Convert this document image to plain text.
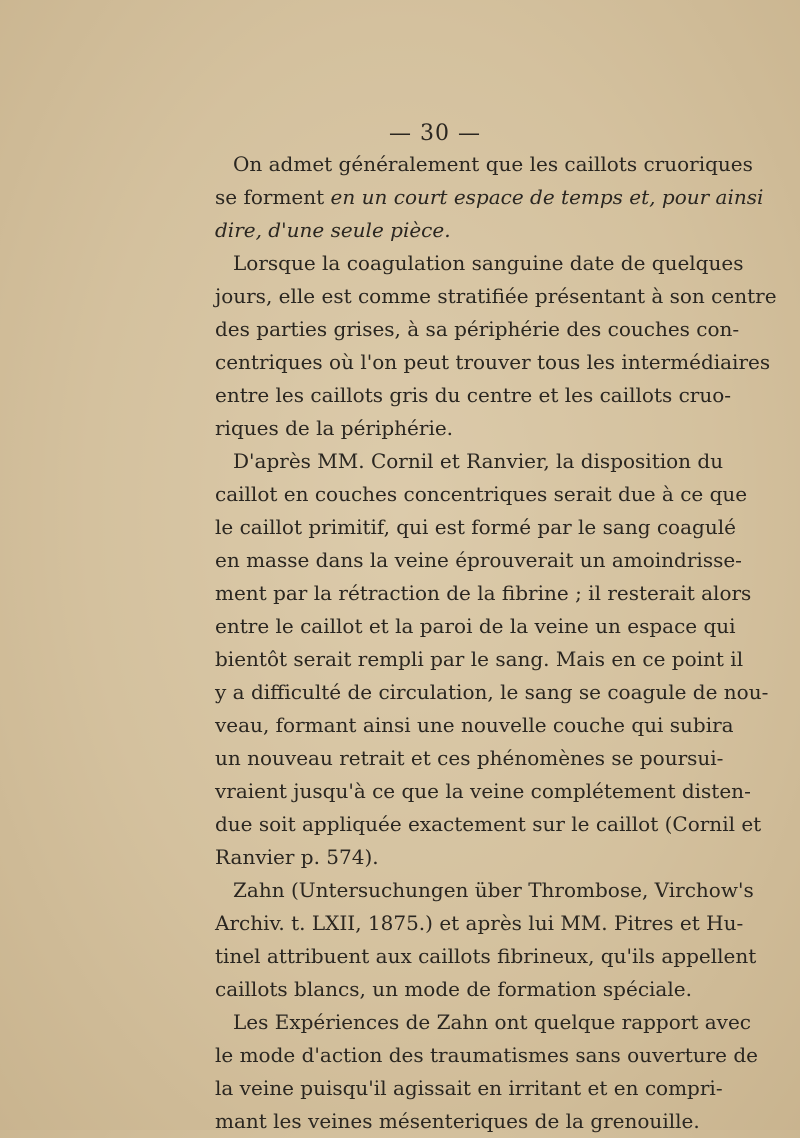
— 30 —
On admet généralement que les caillots cruoriques
se forment en un court espace de temps et, pour ainsi
dire, d'une seule pièce.
Lorsque la coagulation sanguine date de quelques
jours, elle est comme stratifiée présentant à son centre
des parties grises, à sa périphérie des couches con-
centriques où l'on peut trouver tous les intermédiaires
entre les caillots gris du centre et les caillots cruo-
riques de la périphérie.
D'après MM. Cornil et Ranvier, la disposition du
caillot en couches concentriques serait due à ce que
le caillot primitif, qui est formé par le sang coagulé
en masse dans la veine éprouverait un amoindrisse-
ment par la rétraction de la fibrine ; il resterait alors
entre le caillot et la paroi de la veine un espace qui
bientôt serait rempli par le sang. Mais en ce point il
y a difficulté de circulation, le sang se coagule de nou-
veau, formant ainsi une nouvelle couche qui subira
un nouveau retrait et ces phénomènes se poursui-
vraient jusqu'à ce que la veine complétement disten-
due soit appliquée exactement sur le caillot (Cornil et
Ranvier p. 574).
Zahn (Untersuchungen über Thrombose, Virchow's
Archiv. t. LXII, 1875.) et après lui MM. Pitres et Hu-
tinel attribuent aux caillots fibrineux, qu'ils appellent
caillots blancs, un mode de formation spéciale.
Les Expériences de Zahn ont quelque rapport avec
le mode d'action des traumatismes sans ouverture de
la veine puisqu'il agissait en irritant et en compri-
mant les veines mésenteriques de la grenouille.
